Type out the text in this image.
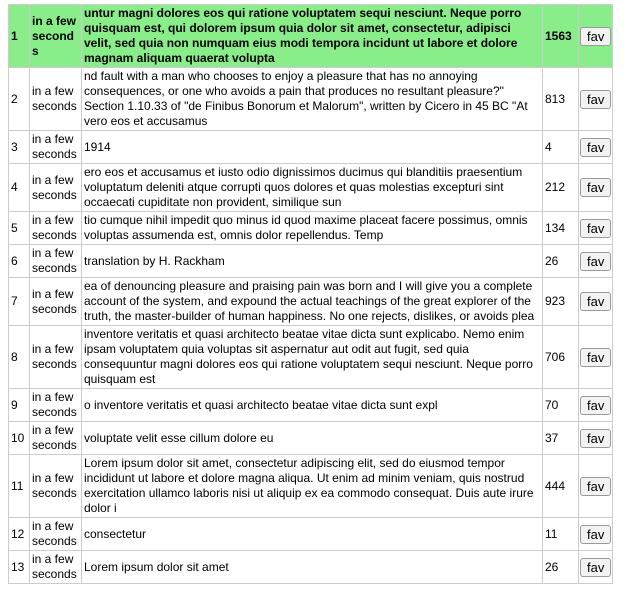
1	in a few seconds	untur magni dolores eos qui ratione voluptatem sequi nesciunt. Neque porro quisquam est, qui dolorem ipsum quia dolor sit amet, consectetur, adipisci velit, sed quia non numquam eius modi tempora incidunt ut labore et dolore magnam aliquam quaerat volupta	1563	fav
2	in a few seconds	nd fault with a man who chooses to enjoy a pleasure that has no annoying consequences, or one who avoids a pain that produces no resultant pleasure?" Section 1.10.33 of "de Finibus Bonorum et Malorum", written by Cicero in 45 BC "At vero eos et accusamus	813	fav
3	in a few seconds	1914	4	fav
4	in a few seconds	ero eos et accusamus et iusto odio dignissimos ducimus qui blanditiis praesentium voluptatum deleniti atque corrupti quos dolores et quas molestias excepturi sint occaecati cupiditate non provident, similique sun	212	fav
5	in a few seconds	tio cumque nihil impedit quo minus id quod maxime placeat facere possimus, omnis voluptas assumenda est, omnis dolor repellendus. Temp	134	fav
6	in a few seconds	translation by H. Rackham	26	fav
7	in a few seconds	ea of denouncing pleasure and praising pain was born and I will give you a complete account of the system, and expound the actual teachings of the great explorer of the truth, the master-builder of human happiness. No one rejects, dislikes, or avoids plea	923	fav
8	in a few seconds	inventore veritatis et quasi architecto beatae vitae dicta sunt explicabo. Nemo enim ipsam voluptatem quia voluptas sit aspernatur aut odit aut fugit, sed quia consequuntur magni dolores eos qui ratione voluptatem sequi nesciunt. Neque porro quisquam est	706	fav
9	in a few seconds	o inventore veritatis et quasi architecto beatae vitae dicta sunt expl	70	fav
10	in a few seconds	voluptate velit esse cillum dolore eu	37	fav
11	in a few seconds	Lorem ipsum dolor sit amet, consectetur adipiscing elit, sed do eiusmod tempor incididunt ut labore et dolore magna aliqua. Ut enim ad minim veniam, quis nostrud exercitation ullamco laboris nisi ut aliquip ex ea commodo consequat. Duis aute irure dolor i	444	fav
12	in a few seconds	consectetur	11	fav
13	in a few seconds	Lorem ipsum dolor sit amet	26	fav
